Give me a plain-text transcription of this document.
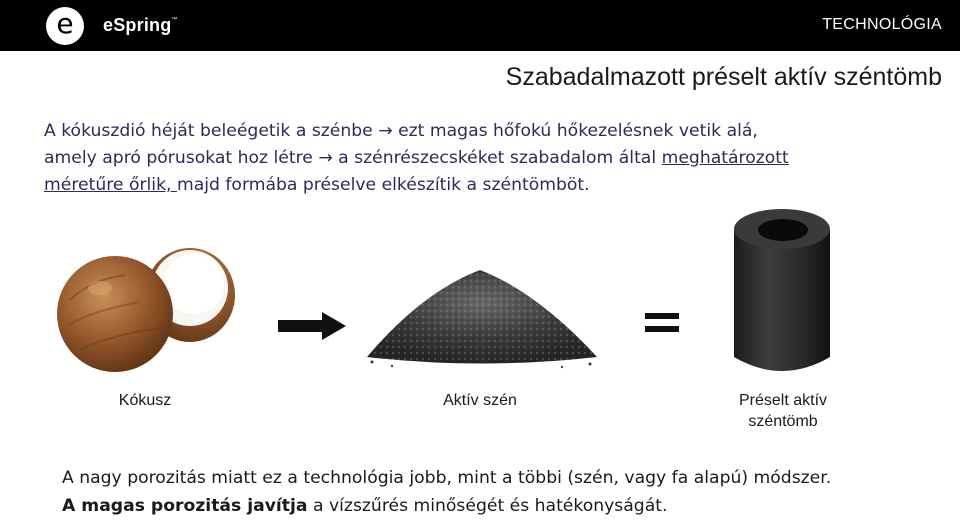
e eSpring™	TECHNOLÓGIA
Szabadalmazott préselt aktív széntömb
A kókuszdió héját beleégetik a szénbe → ezt magas hőfokú hőkezelésnek vetik alá,
amely apró pórusokat hoz létre → a szénrészecskéket szabadalom által meghatározott
méretűre őrlik, majd formába préselve elkészítik a széntömböt.
Kókusz	Aktív szén	Préselt aktív
széntömb
A nagy porozitás miatt ez a technológia jobb, mint a többi (szén, vagy fa alapú) módszer.
A magas porozitás javítja a vízszűrés minőségét és hatékonyságát.
